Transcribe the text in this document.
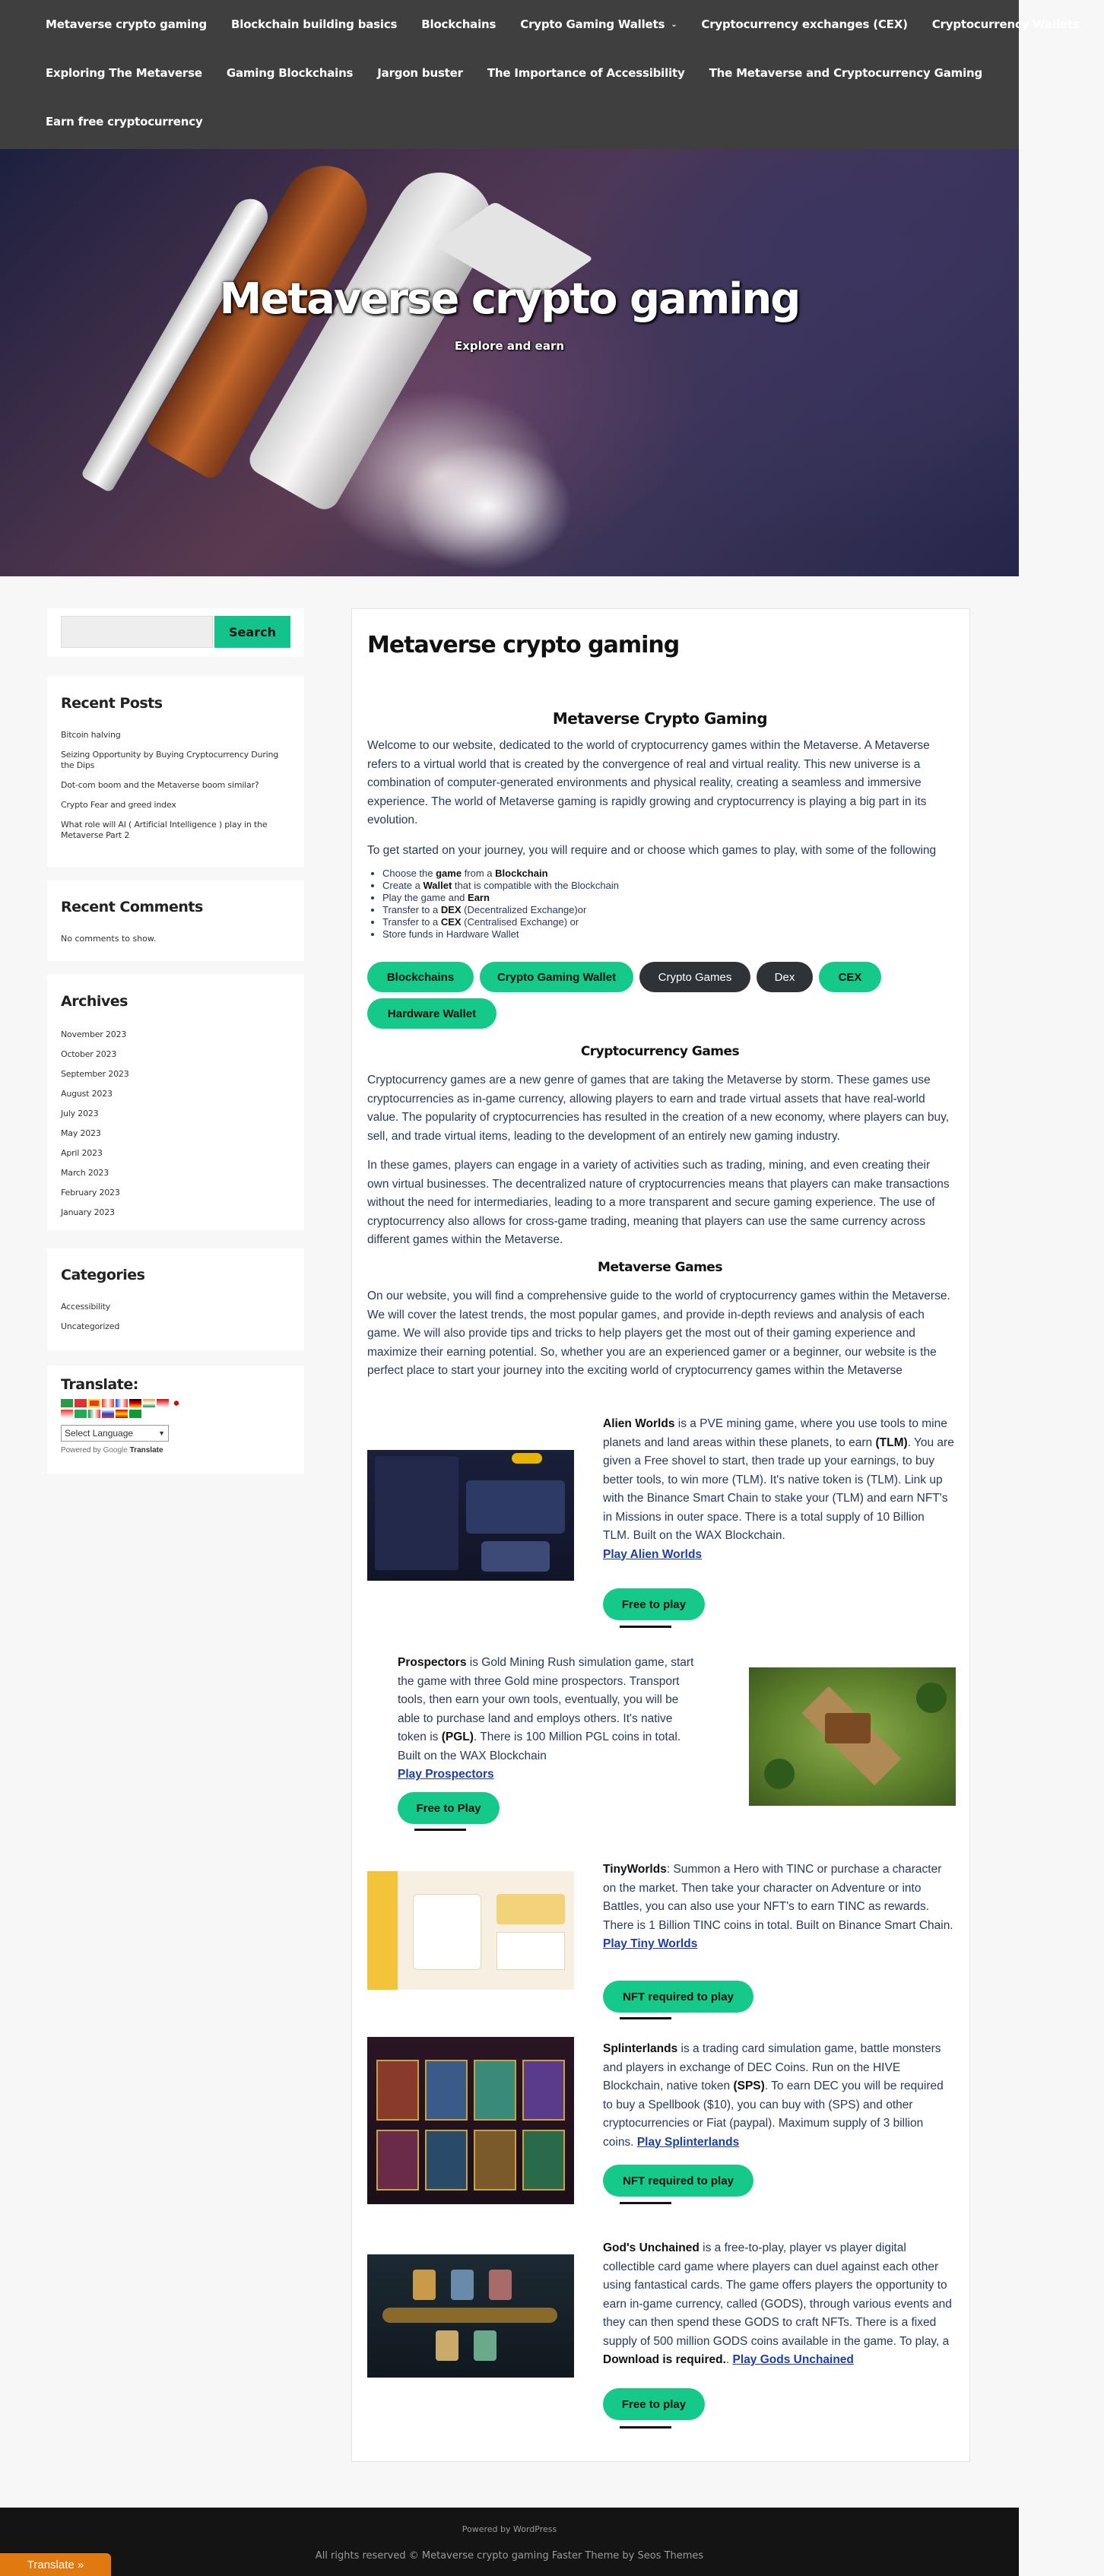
Metaverse crypto gaming Blockchain building basics Blockchains Crypto Gaming Wallets ⌄ Cryptocurrency exchanges (CEX) Cryptocurrency Wallets
Exploring The Metaverse Gaming Blockchains Jargon buster The Importance of Accessibility The Metaverse and Cryptocurrency Gaming
Earn free cryptocurrency
Metaverse crypto gaming
Explore and earn
Search
Recent Posts
Bitcoin halving
Seizing Opportunity by Buying Cryptocurrency During the Dips
Dot-com boom and the Metaverse boom similar?
Crypto Fear and greed index
What role will AI ( Artificial Intelligence ) play in the Metaverse Part 2
Recent Comments
No comments to show.
Archives
November 2023
October 2023
September 2023
August 2023
July 2023
May 2023
April 2023
March 2023
February 2023
January 2023
Categories
Accessibility
Uncategorized
Translate:
Select Language	▼
Powered by Google Translate
Metaverse crypto gaming
Metaverse Crypto Gaming
Welcome to our website, dedicated to the world of cryptocurrency games within the Metaverse. A Metaverse refers to a virtual world that is created by the convergence of real and virtual reality. This new universe is a combination of computer-generated environments and physical reality, creating a seamless and immersive experience. The world of Metaverse gaming is rapidly growing and cryptocurrency is playing a big part in its evolution.
To get started on your journey, you will require and or choose which games to play, with some of the following
• Choose the game from a Blockchain
• Create a Wallet that is compatible with the Blockchain
• Play the game and Earn
• Transfer to a DEX (Decentralized Exchange)or
• Transfer to a CEX (Centralised Exchange) or
• Store funds in Hardware Wallet
Blockchains	Crypto Gaming Wallet	Crypto Games	Dex	CEX
Hardware Wallet
Cryptocurrency Games
Cryptocurrency games are a new genre of games that are taking the Metaverse by storm. These games use cryptocurrencies as in-game currency, allowing players to earn and trade virtual assets that have real-world value. The popularity of cryptocurrencies has resulted in the creation of a new economy, where players can buy, sell, and trade virtual items, leading to the development of an entirely new gaming industry.
In these games, players can engage in a variety of activities such as trading, mining, and even creating their own virtual businesses. The decentralized nature of cryptocurrencies means that players can make transactions without the need for intermediaries, leading to a more transparent and secure gaming experience. The use of cryptocurrency also allows for cross-game trading, meaning that players can use the same currency across different games within the Metaverse.
Metaverse Games
On our website, you will find a comprehensive guide to the world of cryptocurrency games within the Metaverse. We will cover the latest trends, the most popular games, and provide in-depth reviews and analysis of each game. We will also provide tips and tricks to help players get the most out of their gaming experience and maximize their earning potential. So, whether you are an experienced gamer or a beginner, our website is the perfect place to start your journey into the exciting world of cryptocurrency games within the Metaverse
Alien Worlds is a PVE mining game, where you use tools to mine planets and land areas within these planets, to earn (TLM). You are given a Free shovel to start, then trade up your earnings, to buy better tools, to win more (TLM). It's native token is (TLM). Link up with the Binance Smart Chain to stake your (TLM) and earn NFT's in Missions in outer space. There is a total supply of 10 Billion TLM. Built on the WAX Blockchain.
Play Alien Worlds
Free to play
Prospectors is Gold Mining Rush simulation game, start the game with three Gold mine prospectors. Transport tools, then earn your own tools, eventually, you will be able to purchase land and employs others. It's native token is (PGL). There is 100 Million PGL coins in total. Built on the WAX Blockchain
Play Prospectors
Free to Play
TinyWorlds: Summon a Hero with TINC or purchase a character on the market. Then take your character on Adventure or into Battles, you can also use your NFT's to earn TINC as rewards. There is 1 Billion TINC coins in total. Built on Binance Smart Chain.
Play Tiny Worlds
NFT required to play
Splinterlands is a trading card simulation game, battle monsters and players in exchange of DEC Coins. Run on the HIVE Blockchain, native token (SPS). To earn DEC you will be required to buy a Spellbook ($10), you can buy with (SPS) and other cryptocurrencies or Fiat (paypal). Maximum supply of 3 billion coins. Play Splinterlands
NFT required to play
God's Unchained is a free-to-play, player vs player digital collectible card game where players can duel against each other using fantastical cards. The game offers players the opportunity to earn in-game currency, called (GODS), through various events and they can then spend these GODS to craft NFTs. There is a fixed supply of 500 million GODS coins available in the game. To play, a Download is required.. Play Gods Unchained
Free to play
Powered by WordPress
All rights reserved © Metaverse crypto gaming Faster Theme by Seos Themes
Translate »
